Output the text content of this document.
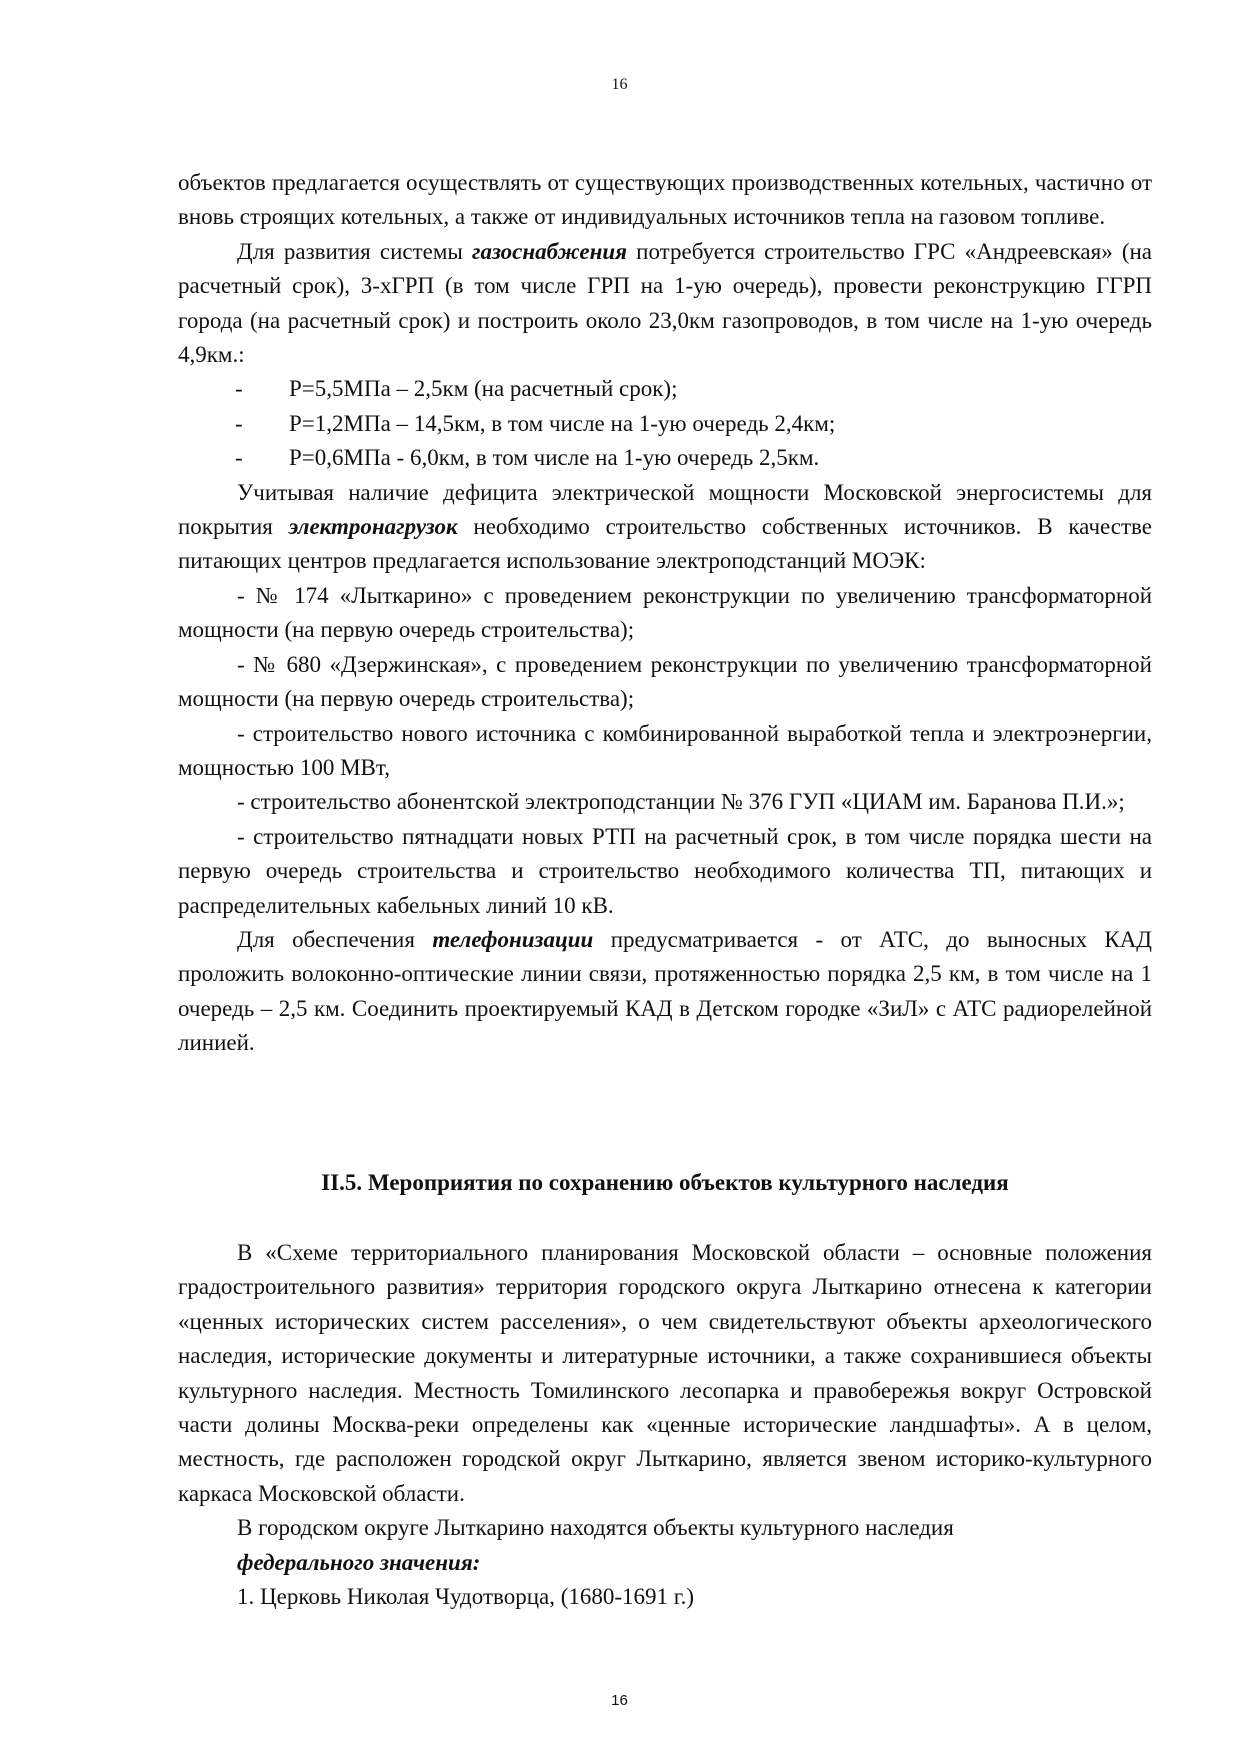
16

объектов предлагается осуществлять от существующих производственных котельных, частично от вновь строящих котельных, а также от индивидуальных источников тепла на газовом топливе.

Для развития системы газоснабжения потребуется строительство ГРС «Андреевская» (на расчетный срок), 3-хГРП (в том числе ГРП на 1-ую очередь), провести реконструкцию ГГРП города (на расчетный срок) и построить около 23,0км газопроводов, в том числе на 1-ую очередь 4,9км.:

-	Р=5,5МПа – 2,5км (на расчетный срок);
-	Р=1,2МПа – 14,5км, в том числе на 1-ую очередь 2,4км;
-	Р=0,6МПа - 6,0км, в том числе на 1-ую очередь 2,5км.

Учитывая наличие дефицита электрической мощности Московской энергосистемы для покрытия электронагрузок необходимо строительство собственных источников. В качестве питающих центров предлагается использование электроподстанций МОЭК:

- № 174 «Лыткарино» с проведением реконструкции по увеличению трансформаторной мощности (на первую очередь строительства);

- № 680 «Дзержинская», с проведением реконструкции по увеличению трансформаторной мощности (на первую очередь строительства);

- строительство нового источника с комбинированной выработкой тепла и электроэнергии, мощностью 100 МВт,

- строительство абонентской электроподстанции № 376 ГУП «ЦИАМ им. Баранова П.И.»;

- строительство пятнадцати новых РТП на расчетный срок, в том числе порядка шести на первую очередь строительства и строительство необходимого количества ТП, питающих и распределительных кабельных линий 10 кВ.

Для обеспечения телефонизации предусматривается - от АТС, до выносных КАД проложить волоконно-оптические линии связи, протяженностью порядка 2,5 км, в том числе на 1 очередь – 2,5 км. Соединить проектируемый КАД в Детском городке «ЗиЛ» с АТС радиорелейной линией.

II.5. Мероприятия по сохранению объектов культурного наследия

В «Схеме территориального планирования Московской области – основные положения градостроительного развития» территория городского округа Лыткарино отнесена к категории «ценных исторических систем расселения», о чем свидетельствуют объекты археологического наследия, исторические документы и литературные источники, а также сохранившиеся объекты культурного наследия. Местность Томилинского лесопарка и правобережья вокруг Островской части долины Москва-реки определены как «ценные исторические ландшафты». А в целом, местность, где расположен городской округ Лыткарино, является звеном историко-культурного каркаса Московской области.

В городском округе Лыткарино находятся объекты культурного наследия

федерального значения:

1. Церковь Николая Чудотворца, (1680-1691 г.)

16
